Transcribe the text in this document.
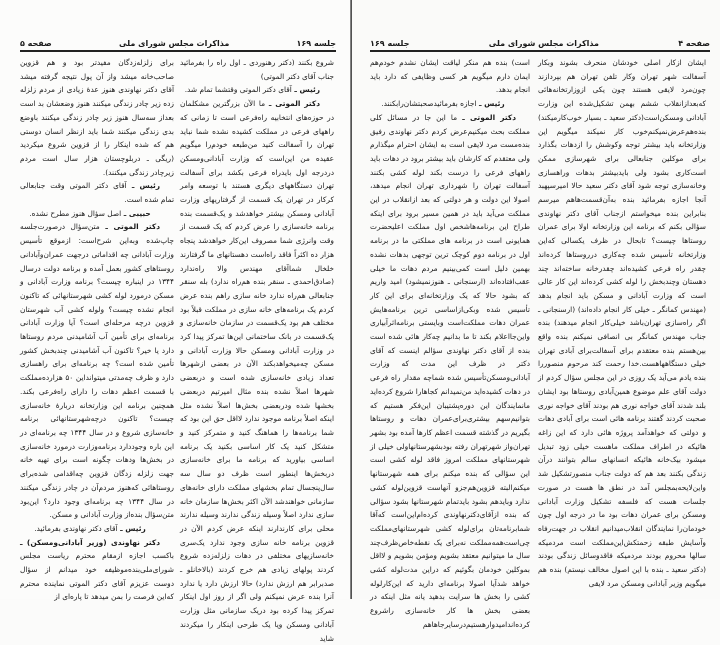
جلسه ۱۶۹
مذاکرات مجلس شورای ملی
صفحه ۵

شروع بکنند (دکتر رهنوردی ـ اول راه را بفرمائید جناب آقای دکتر الموتی)

رئیس ـ آقای دکتر الموتی وقتشما تمام شد.

دکتر الموتی ـ ما الآن بزرگترین مشکلمان در حوزه‌های انتخابیه راه‌فرعی است تا زمانی که راههای فرعی در مملکت کشیده نشده شما نباید تهران را آسفالت کنید من‌طبعه خودم‌را میگویم عقیده من این‌است که وزارت آبادانی‌ومسکن دردرجه اول بایدراه فرعی بکشد برای آسفالت تهران دستگاههای دیگری هستند با توسعه وامر کرکار در تهران یک قسمت از گرفتاریهای وزارت آبادانی ومسکن بیشتر خواهدشد و یک‌قسمت بنده برنامه خانه‌سازی را عرض کردم که یک قسمت از وقت وانرژی شما مصروف این‌کار خواهدشد پنجاه هزار ده اکثراً فاقد راه‌است دهستانهای ما گرفتارند خلخال شماآقای مهندس والا راه‌ندارد (صادق‌احمدی ـ سنقر بنده هم‌راه ندارد) بله سنقر جنابعالی هم‌راه ندارد خانه سازی راهم بنده عرض کردم یک برنامه‌های خانه سازی در مملکت قبلاً بود مختلف هم بود یک‌قسمت در سازمان خانه‌سازی و یک‌قسمت در بانک ساختمانی این‌ها تمرکز پیدا کرد در وزارت آبادانی ومسکن حالا وزارت آبادانی و مسکن چه‌میخواهدبکند الآن در بعضی ازشهرها تعداد زیادی خانه‌سازی شده است و دربعضی شهرها اصلاً نشده بنده مثال امیرتیم دربعضی بخشها شده ودربعضی بخش‌ها اصلاً نشده مثل اینکه اصلاً برنامه موجود ندارد لااقل حق این بود که شما برنامه‌ها را هماهنگ کنید و متمرکز کنید و متشکل کنید یک کار اساسی بکنید یک برنامه اساسی بیاورید که برنامه ما برای خانه‌سازی دربخش‌ها اینطور است ظرف دو سال سه سال‌پنجسال تمام بخشهای مملکت دارای خانه‌های سازمانی خواهندشد الآن اکثر بخش‌ها سازمان خانه سازی ندارد اصلاً وسیله زندگی ندارند وسیله ندارند محلی برای کارندارند اینکه عرض کردم الآن در قزوین برنامه خانه سازی وجود ندارد یک‌سری خانه‌سازیهای مختلفی در دهات زلزله‌زده شروع کردند پولهای زیادی هم خرج کردند (بالاخانلو ـ صدبرابر هم ارزش ندارد) حالا ارزش دارد یا ندارد آنرا بنده عرض نمیکنم ولی اگر از روز اول اینکار تمرکز پیدا کرده بود دریک سازمانی مثل وزارت آبادانی ومسکن ویا یک طرحی اینکار را میکردند شاید

برای زلزله‌زدگان مفیدتر بود و هم قزوین صاحب‌خانه میشد واز آن پول نتیجه گرفته میشد آقای دکتر نهاوندی هنوز عدهٔ زیادی از مردم زلزله زده زیر چادر زندگی میکنند هنوز وضعشان بد است بعداز سه‌سال هنوز زیر چادر زندگی میکنند باوضع بدی زندگی میکنند شما باید ازنظر انسان دوستی هم که شده اینکار را از قزوین شروع میکردید (ریگی ـ دربلوچستان هزار سال است مردم زیرچادر زندگی میکنند).

رئیس ـ آقای دکتر الموتی وقت جنابعالی تمام شده است.

حبیبی ـ اصل سؤال هنوز مطرح نشده.

دکتر الموتی ـ متن‌سؤال درصورت‌جلسه چاپ‌شده وبه‌این شرح‌است: ازموقع تأسیس وزارت آبادانی چه اقداماتی درجهت عمران‌وآبادانی روستاهای کشور بعمل آمده و برنامه دولت درسال ۱۳۴۴ در اینباره چیست؟ برنامه وزارت آبادانی و مسکن درمورد لوله کشی شهرستانهائی که تاکنون انجام نشده چیست؟ ولوله کشی آب شهرستان قزوین درچه مرحله‌ای است؟ آیا وزارت آبادانی برنامه‌ای برای تأمین آب آشامیدنی مردم روستاها دارد یا خیر؟ تاکنون آب آشامیدنی چندبخش کشور تأمین شده است؟ چه برنامه‌ای برای راهسازی دارد و ظرف چه‌مدتی میتوانداین ۵۰ هزارده‌مملکت با قسمت اعظم دهات را دارای راه‌فرعی بکند. همچنین برنامه این وزارتخانه دربارهٔ خانه‌سازی چیست؟ تاکنون درچه‌شهرستانهائی برنامه خانه‌سازی شروع و در سال ۱۳۴۴ چه برنامه‌ای در این باره وجوددارد برنامه‌وزارت درمورد خانه‌سازی در بخش‌ها ودهات چگونه است برای تهیه خانه جهت زلزله زدگان قزوین چه‌اقدامی شده‌برای روستاهائی که‌هنوز مردم‌آن در چادر زندگی میکنند در سال ۱۳۴۴ چه برنامه‌ای وجود دارد؟ این‌بود متن‌سؤال بنده‌از وزارت آبادانی و مسکن.

رئیس ـ آقای دکتر نهاوندی بفرمائید.

دکتر نهاوندی (وزیر آبادانی‌ومسکن) ـ باکسب اجازه ازمقام محترم ریاست مجلس شورای‌ملی‌بنده‌موظیفه خود میدانم از سؤال دوست عزیزم آقای دکتر الموتی نماینده محترم که‌این فرصت را بمن میدهد تا پاره‌ای از

صفحه ۴
مذاکرات مجلس شورای ملی
جلسه ۱۶۹

ایشان ازکار اصلی خودشان منحرف بشوند وبکار آسفالت شهر تهران وکار تلفن تهران هم بپردازند چون‌مرد لایقی هستند چون یکی ازوزارتخانه‌هائی که‌بعدازانقلاب ششم بهمن تشکیل‌شده این وزارت آبادانی ومسکن‌است(دکتر سعید ـ بسیار خوب‌کارمیکند) بنده‌هم‌عرض‌نمیکنم‌خوب کار نمیکند میگویم این وزارتخانه باید بیشتر توجه وکوشش را ازدهات بگذارد برای موکلین جنابعالی برای شهرسازی ممکن است‌کاری بشود ولی باید‌بیشتر بدهات وراهسازی وخانه‌سازی توجه شود آقای دکتر سعید حالا امیرسپهبد آنجا اجازه بفرمائید بنده به‌آن‌قسمت‌هاهم میرسم بنابراین بنده میخواستم ازجناب آقای دکتر نهاوندی سؤالی بکنم که برنامه این وزارتخانه اولا برای عمران روستاها چیست؟ تابحال در ظرف یکسالی که‌این وزارتخانه تأسیس شده چه‌کاری درروستاها کرده‌اند چقدر راه فرعی کشیده‌اند چقدرخانه ساخته‌اند چند دهستان وچندبخش را لوله کشی کرده‌اند این کار عالی است که وزارت آبادانی و مسکن باید انجام بدهد (مهندس کمانگر ـ خیلی کار انجام داده‌اند) (ارسنجانی ـ اگر راه‌سازی تهران‌باشد خیلی‌کار انجام میدهند) بنده جناب مهندس کمانگر بی انصافی نمیکنم بنده واقع بین‌هستم بنده معتقدم برای آسفالت‌برای آبادی تهران خیلی دستگاهها‌هست.خدا رحمت کند مرحوم منصوررا بنده یادم می‌آید یک روزی در این مجلس سؤال کردم از دولت آقای علم موضوع همین‌آبادی روستاها بود ایشان بلند شدند آقای خواجه نوری هم بودند آقای خواجه نوری صحبت کردند گفتند برنامه هائی است برای آبادی دهات و دولتی که خواهدآمد پروژه هائی دارد که این زاغه هائیکه در اطراف مملکت ماهست خیلی زود تبدیل میشود بیک‌خانه هائیکه انسانهای سالم بتوانند درآن زندگی بکنند بعد هم که دولت جناب منصورتشکیل شد واین‌لایحه‌بمجلس آمد در نطق ها هست در صورت جلسات هست که فلسفه تشکیل وزارت آبادانی ومسکن برای عمران دهات بود ما در درجه اول چون خودمان‌را نمایندگان انقلاب‌میدانیم انقلاب در جهت‌رفاه وآسایش طبقه زحمتکش‌این‌مملکت است مردمیکه سالها محروم بودند مردمیکه فاقدوسائل زندگی بودند (دکتر سعید ـ بنده با این اصول مخالف نیستم) بنده هم میگویم وزیر آبادانی ومسکن مرد لایقی

است) بنده هم منکر لیاقت ایشان نشدم خودم‌هم ایمان دارم میگویم هر کسی وظایفی که دارد باید انجام بدهد.

رئیس ـ اجازه بفرمائیدصحبتشان‌رابکنند.

دکتر الموتی ـ ما این جا در مسائل کلی مملکت بحث میکنیم‌عرض کردم دکتر نهاوندی رفیق بنده‌مست مرد لایقی است به ایشان احترام میگذارم ولی معتقدم که کارشان باید بیشتر برود در دهات باید راههای فرعی را درست بکند لوله کشی بکنند آسفالت تهران را شهرداری تهران انجام میدهد، اصولا این دولت و هر دولتی که بعد ازانقلاب در این مملکت می‌آید باید در همین مسیر برود برای اینکه طراح این برنامه‌ها‌شخص اول مملکت اعلیحضرت همایونی است در برنامه های مملکتی ما در برنامه اول در برنامه دوم کوچک ترین توجهی بدهات نشده بهمین دلیل است کمی‌بینیم مردم دهات ما خیلی عقب‌افتاده‌اند (ارسنجانی ـ هنوز‌نمیشود) امید واریم که بشود حالا که یک وزارتخانه‌ای برای این کار تأسیس شده وبکی‌ازاساسی ترین برنامه‌هایش عمران دهات مملکت‌است وبایستی برنامه‌اثر‌آبیاری و‌این‌جا‌اعلام بکند تا ما بدانیم چه‌کار هائی شده است بنده از آقای دکتر نهاوندی سؤالم اینست که آقای دکتر در ظرف این مدت که وزارت آبادانی‌ومسکن‌تأسیس شده شماچه مقدار راه فرعی در دهات کشیده‌اید من‌نمیدانم کجاهارا شروع کرده‌اید مانمایندگان این دوره‌پشتیبان این‌فکر هستیم که بتوانیم‌سهم بیشتری‌برای‌عمران دهات و روستاها بگیریم در گذشته قسمت اعظم کارها آمده بود بشهر تهران‌واز شهرتهران رفته بودبشهرستانها‌ولی خیلی از شهرستانهای مملکت امروز فاقد لوله کشی است این سؤالی که بنده میکنم برای همه شهرستانها میکنم‌البته قزوین‌هم‌جزو آنهاست قزوین‌لوله کشی ندارد وبایدهم بشود بایدتمام شهرستانها بشود سؤالی که بنده ازآقای‌دکتر‌نهاوندی کرده‌ام‌این‌است که‌آقا شمابرنامه‌تان برای‌لوله کشی شهرستانهای‌مملکت چی‌است‌همه‌مملکت نه‌برای یک نقطه‌خاص‌ظرف‌چند سال ما میتوانیم معتقد بشویم ومؤمن بشویم و لااقل بموکلین خودمان بگوئیم که دراین مدت‌لوله کشی خواهد شدآیا اصولا برنامه‌ای دارید که این‌کار‌لوله کشی را بخش ها سرایت بدهید یانه مثل اینکه در بعضی بخش ها کار خانه‌سازی راشروع کرده‌اند‌امیدوارهستیم‌درسایرجاهاهم
